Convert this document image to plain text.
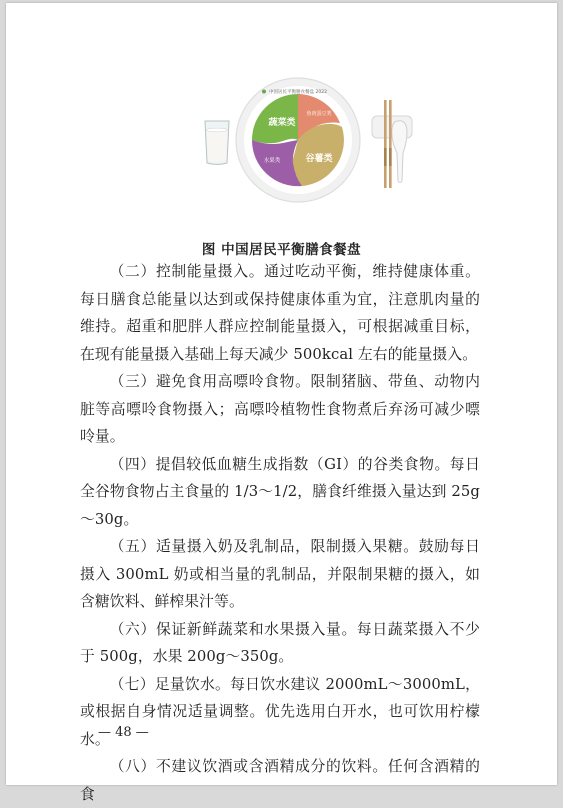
中国居民平衡膳食餐盘 2022
蔬菜类
鱼肉蛋豆类
谷薯类
水果类
图 中国居民平衡膳食餐盘

（二）控制能量摄入。通过吃动平衡，维持健康体重。每日膳食总能量以达到或保持健康体重为宜，注意肌肉量的维持。超重和肥胖人群应控制能量摄入，可根据减重目标，在现有能量摄入基础上每天减少 500kcal 左右的能量摄入。

（三）避免食用高嘌呤食物。限制猪脑、带鱼、动物内脏等高嘌呤食物摄入；高嘌呤植物性食物煮后弃汤可减少嘌呤量。

（四）提倡较低血糖生成指数（GI）的谷类食物。每日全谷物食物占主食量的 1/3～1/2，膳食纤维摄入量达到 25g～30g。

（五）适量摄入奶及乳制品，限制摄入果糖。鼓励每日摄入 300mL 奶或相当量的乳制品，并限制果糖的摄入，如含糖饮料、鲜榨果汁等。

（六）保证新鲜蔬菜和水果摄入量。每日蔬菜摄入不少于 500g，水果 200g～350g。

（七）足量饮水。每日饮水建议 2000mL～3000mL，或根据自身情况适量调整。优先选用白开水，也可饮用柠檬水。

（八）不建议饮酒或含酒精成分的饮料。任何含酒精的食

— 48 —
